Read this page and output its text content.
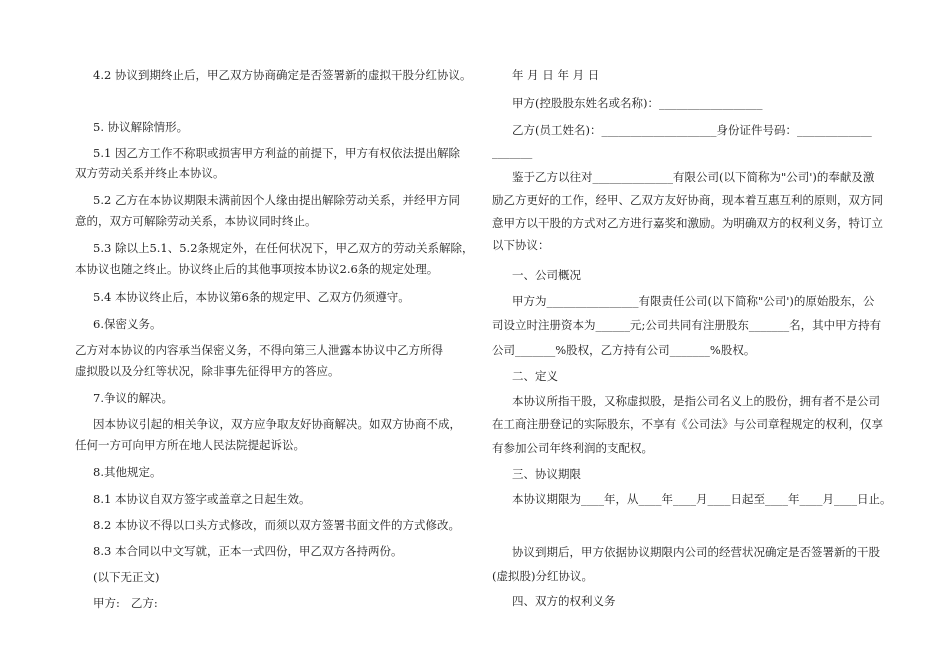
4.2 协议到期终止后，甲乙双方协商确定是否签署新的虚拟干股分红协议。

5. 协议解除情形。

5.1 因乙方工作不称职或损害甲方利益的前提下，甲方有权依法提出解除

双方劳动关系并终止本协议。

5.2 乙方在本协议期限未满前因个人缘由提出解除劳动关系，并经甲方同

意的，双方可解除劳动关系，本协议同时终止。

5.3 除以上5.1、5.2条规定外，在任何状况下，甲乙双方的劳动关系解除，

本协议也随之终止。协议终止后的其他事项按本协议2.6条的规定处理。

5.4 本协议终止后，本协议第6条的规定甲、乙双方仍须遵守。

6.保密义务。

乙方对本协议的内容承当保密义务，不得向第三人泄露本协议中乙方所得

虚拟股以及分红等状况，除非事先征得甲方的答应。

7.争议的解决。

因本协议引起的相关争议，双方应争取友好协商解决。如双方协商不成，

任何一方可向甲方所在地人民法院提起诉讼。

8.其他规定。

8.1 本协议自双方签字或盖章之日起生效。

8.2 本协议不得以口头方式修改，而须以双方签署书面文件的方式修改。

8.3 本合同以中文写就，正本一式四份，甲乙双方各持两份。

(以下无正文)

甲方:   乙方:

年 月 日 年 月 日

甲方(控股股东姓名或名称)：__________________

乙方(员工姓名)：____________________身份证件号码：_____________

_______

鉴于乙方以往对______________有限公司(以下简称为"公司')的奉献及激

励乙方更好的工作，经甲、乙双方友好协商，现本着互惠互利的原则，双方同

意甲方以干股的方式对乙方进行嘉奖和激励。为明确双方的权利义务，特订立

以下协议：

一、公司概况

甲方为________________有限责任公司(以下简称"公司')的原始股东，公

司设立时注册资本为______元;公司共同有注册股东_______名，其中甲方持有

公司_______%股权，乙方持有公司_______%股权。

二、定义

本协议所指干股，又称虚拟股，是指公司名义上的股份，拥有者不是公司

在工商注册登记的实际股东，不享有《公司法》与公司章程规定的权利，仅享

有参加公司年终利润的支配权。

三、协议期限

本协议期限为____年，从____年____月____日起至____年____月____日止。

协议到期后，甲方依据协议期限内公司的经营状况确定是否签署新的干股

(虚拟股)分红协议。

四、双方的权利义务
